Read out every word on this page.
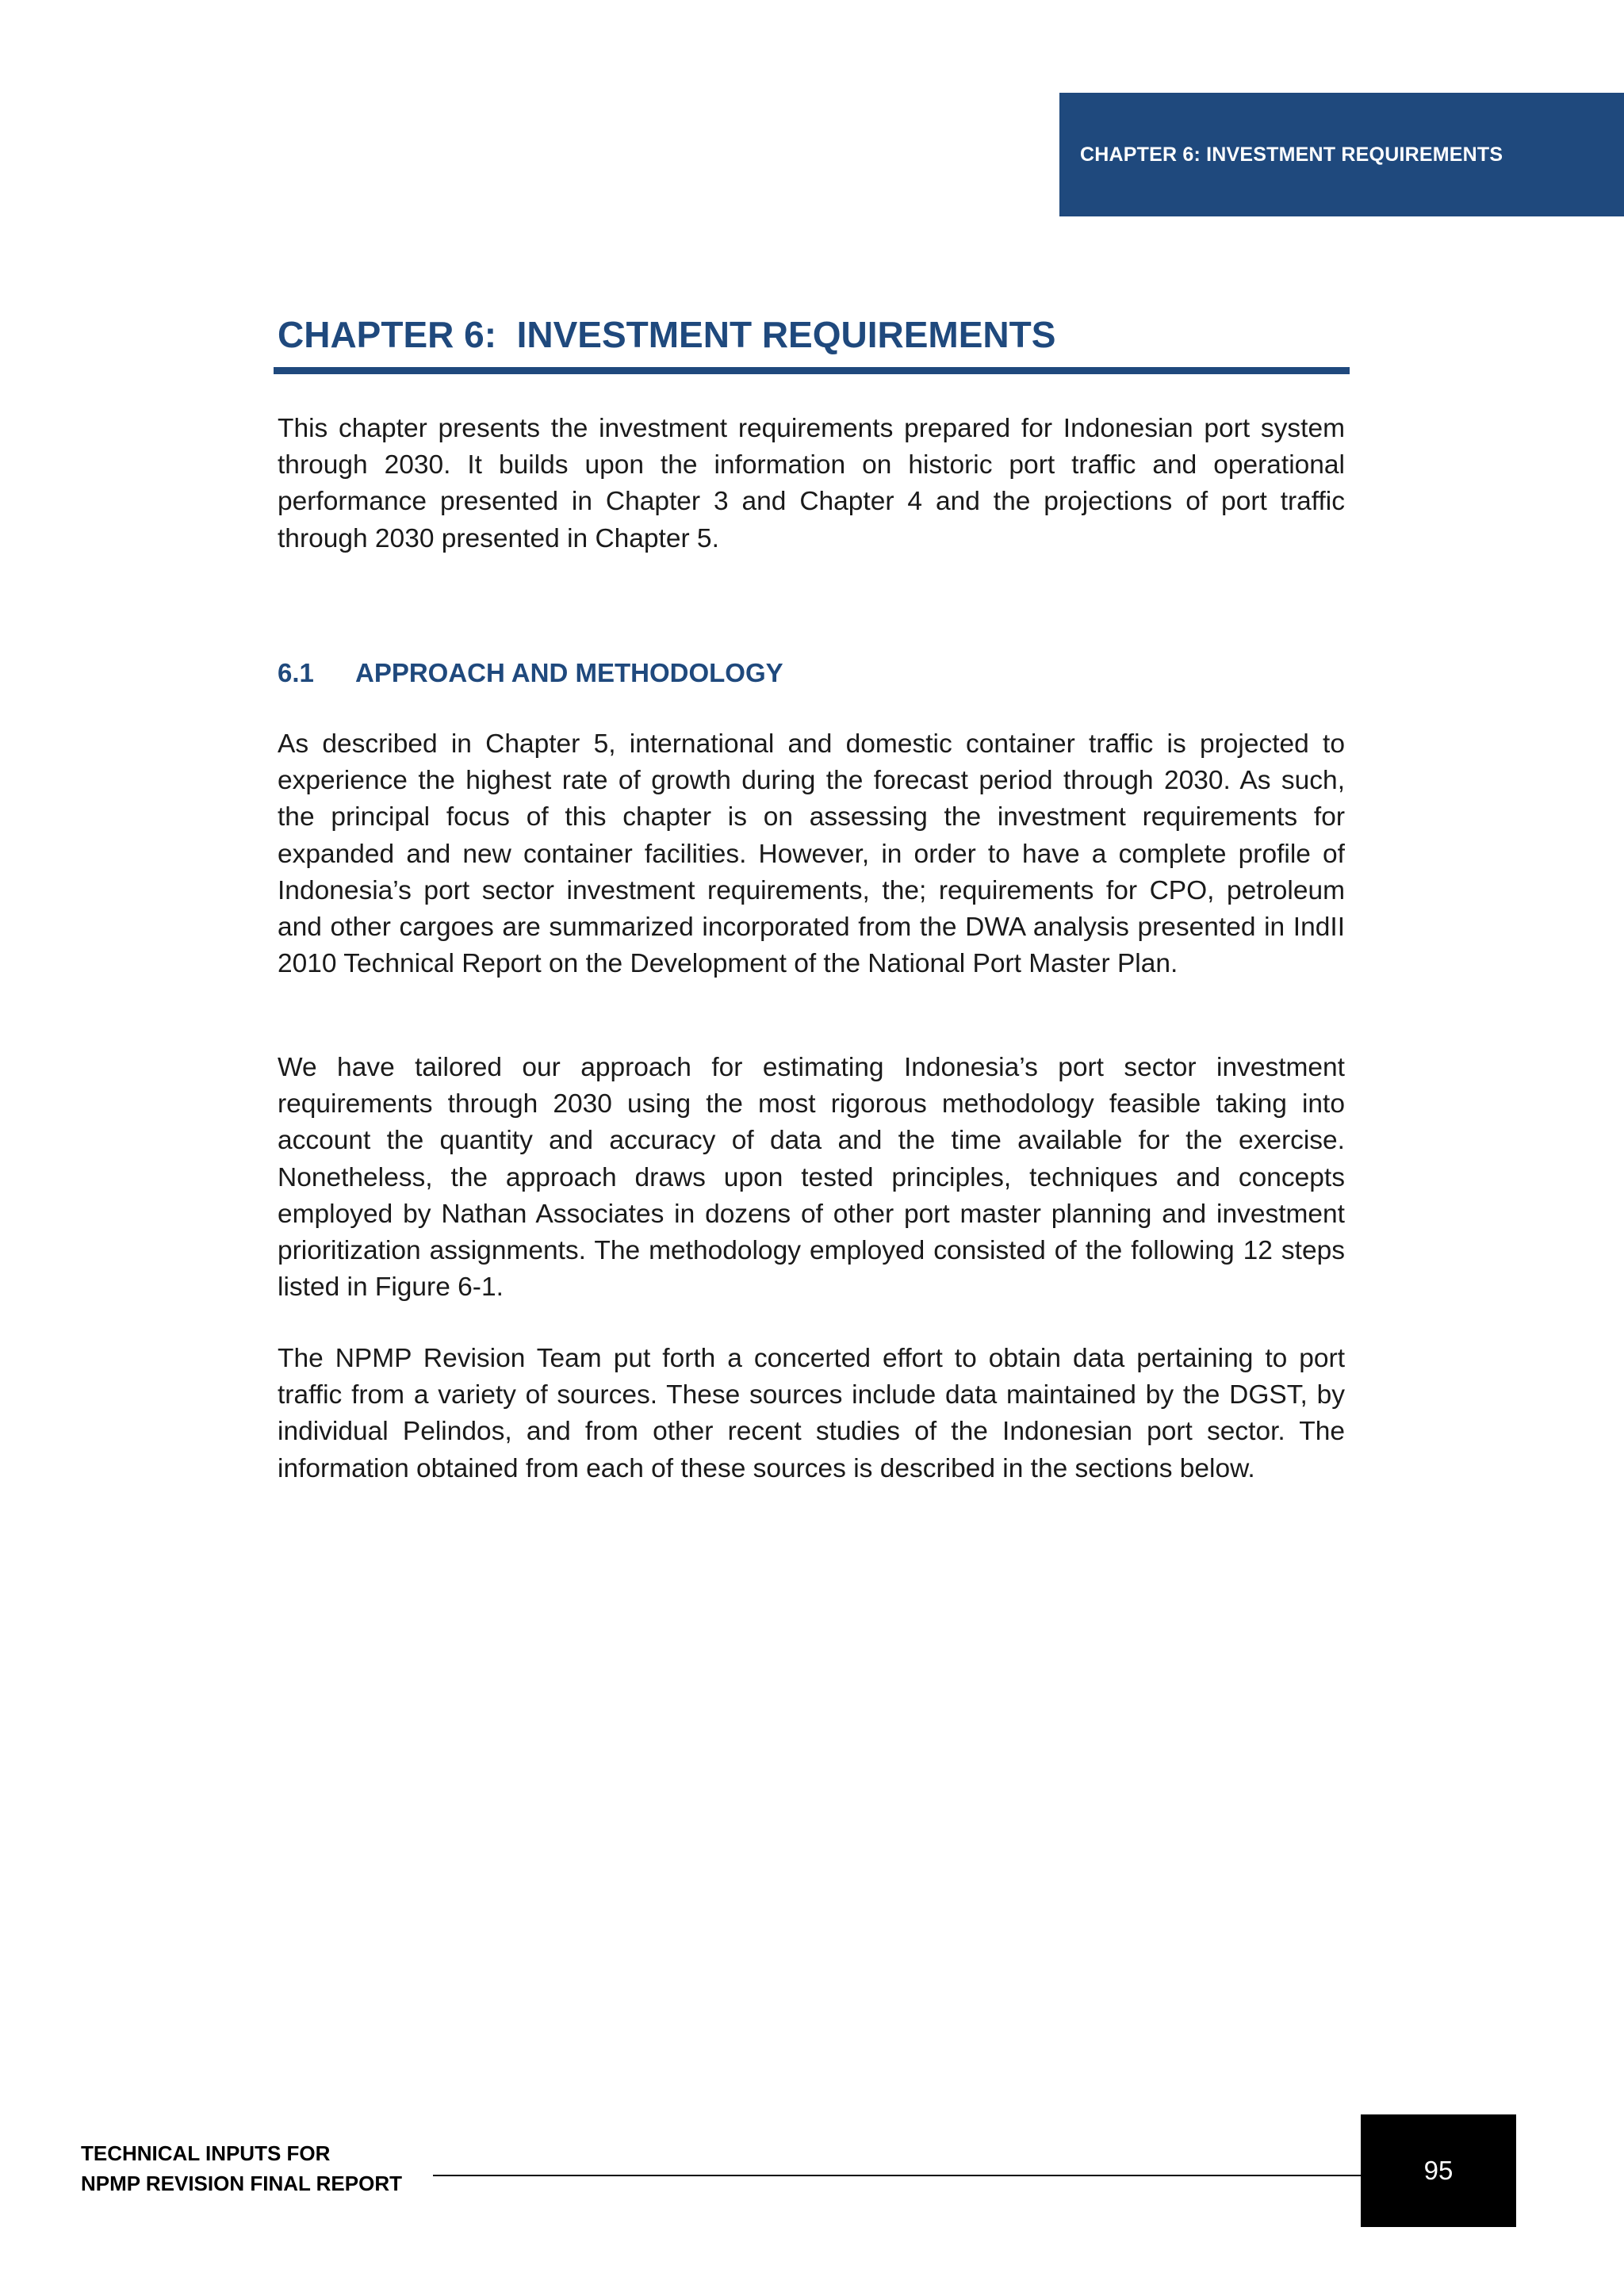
CHAPTER 6: INVESTMENT REQUIREMENTS
CHAPTER 6:  INVESTMENT REQUIREMENTS

This chapter presents the investment requirements prepared for Indonesian port system through 2030. It builds upon the information on historic port traffic and operational performance presented in Chapter 3 and Chapter 4 and the projections of port traffic through 2030 presented in Chapter 5.

6.1	APPROACH AND METHODOLOGY

As described in Chapter 5, international and domestic container traffic is projected to experience the highest rate of growth during the forecast period through 2030. As such, the principal focus of this chapter is on assessing the investment requirements for expanded and new container facilities. However, in order to have a complete profile of Indonesia’s port sector investment requirements, the; requirements for CPO, petroleum and other cargoes are summarized incorporated from the DWA analysis presented in IndII 2010 Technical Report on the Development of the National Port Master Plan.

We have tailored our approach for estimating Indonesia’s port sector investment requirements through 2030 using the most rigorous methodology feasible taking into account the quantity and accuracy of data and the time available for the exercise. Nonetheless, the approach draws upon tested principles, techniques and concepts employed by Nathan Associates in dozens of other port master planning and investment prioritization assignments. The methodology employed consisted of the following 12 steps listed in Figure 6-1.

The NPMP Revision Team put forth a concerted effort to obtain data pertaining to port traffic from a variety of sources. These sources include data maintained by the DGST, by individual Pelindos, and from other recent studies of the Indonesian port sector. The information obtained from each of these sources is described in the sections below.

TECHNICAL INPUTS FOR
NPMP REVISION FINAL REPORT	95
